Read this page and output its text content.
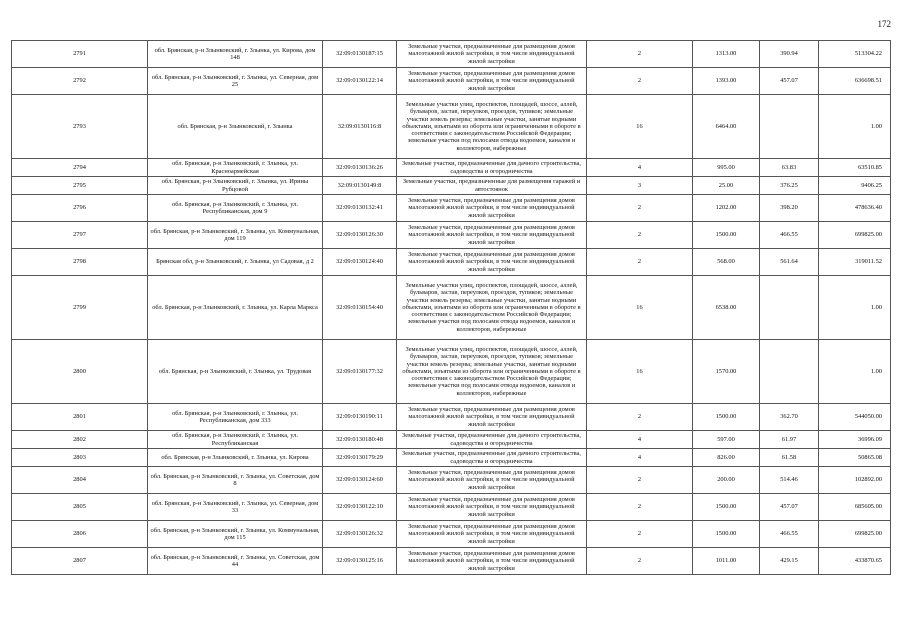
172
2791	обл. Брянская, р-н Злынковский, г. Злынка, ул. Кирова, дом 148	32:09:0130187:15	Земельные участки, предназначенные для размещения домов малоэтажной жилой застройки, в том числе индивидуальной жилой застройки	2	1313.00	390.94	513304.22
2792	обл. Брянская, р-н Злынковский, г. Злынка, ул. Северная, дом 25	32:09:0130122:14	Земельные участки, предназначенные для размещения домов малоэтажной жилой застройки, в том числе индивидуальной жилой застройки	2	1393.00	457.07	636698.51
2793	обл. Брянская, р-н Злынковский, г. Злынка	32:09:0130116:8	Земельные участки улиц, проспектов, площадей, шоссе, аллей, бульваров, застав, переулков, проездов, тупиков; земельные участки земель резерва; земельные участки, занятые водными объектами, изъятыми из оборота или ограниченными в обороте в соответствии с законодательством Российской Федерации; земельные участки под полосами отвода водоемов, каналов и коллекторов, набережные	16	6464.00		1.00
2794	обл. Брянская, р-н Злынковский, г. Злынка, ул. Красноармейская	32:09:0130136:26	Земельные участки, предназначенные для дачного строительства, садоводства и огородничества	4	995.00	63.83	63510.85
2795	обл. Брянская, р-н Злынковский, г. Злынка, ул. Ирины Рубцовой	32:09:0130149:8	Земельные участки, предназначенные для размещения гаражей и автостоянок	3	25.00	376.25	9406.25
2796	обл. Брянская, р-н Злынковский, г. Злынка, ул. Республиканская, дом 9	32:09:0130132:41	Земельные участки, предназначенные для размещения домов малоэтажной жилой застройки, в том числе индивидуальной жилой застройки	2	1202.00	398.20	478636.40
2797	обл. Брянская, р-н Злынковский, г. Злынка, ул. Коммунальная, дом 119	32:09:0130126:30	Земельные участки, предназначенные для размещения домов малоэтажной жилой застройки, в том числе индивидуальной жилой застройки	2	1500.00	466.55	699825.00
2798	Брянская обл, р-н Злынковский, г. Злынка, ул Садовая, д 2	32:09:0130124:40	Земельные участки, предназначенные для размещения домов малоэтажной жилой застройки, в том числе индивидуальной жилой застройки	2	568.00	561.64	319011.52
2799	обл. Брянская, р-н Злынковский, г. Злынка, ул. Карла Маркса	32:09:0130154:40	Земельные участки улиц, проспектов, площадей, шоссе, аллей, бульваров, застав, переулков, проездов, тупиков; земельные участки земель резерва; земельные участки, занятые водными объектами, изъятыми из оборота или ограниченными в обороте в соответствии с законодательством Российской Федерации; земельные участки под полосами отвода водоемов, каналов и коллекторов, набережные	16	6538.00		1.00
2800	обл. Брянская, р-н Злынковский, г. Злынка, ул. Трудовая	32:09:0130177:32	Земельные участки улиц, проспектов, площадей, шоссе, аллей, бульваров, застав, переулков, проездов, тупиков; земельные участки земель резерва; земельные участки, занятые водными объектами, изъятыми из оборота или ограниченными в обороте в соответствии с законодательством Российской Федерации; земельные участки под полосами отвода водоемов, каналов и коллекторов, набережные	16	1570.00		1.00
2801	обл. Брянская, р-н Злынковский, г. Злынка, ул. Республиканская, дом 333	32:09:0130190:11	Земельные участки, предназначенные для размещения домов малоэтажной жилой застройки, в том числе индивидуальной жилой застройки	2	1500.00	362.70	544050.00
2802	обл. Брянская, р-н Злынковский, г. Злынка, ул. Республиканская	32:09:0130180:48	Земельные участки, предназначенные для дачного строительства, садоводства и огородничества	4	597.00	61.97	36996.09
2803	обл. Брянская, р-н Злынковский, г. Злынка, ул. Кирова	32:09:0130179:29	Земельные участки, предназначенные для дачного строительства, садоводства и огородничества	4	826.00	61.58	50865.08
2804	обл. Брянская, р-н Злынковский, г. Злынка, ул. Советская, дом 8	32:09:0130124:60	Земельные участки, предназначенные для размещения домов малоэтажной жилой застройки, в том числе индивидуальной жилой застройки	2	200.00	514.46	102892.00
2805	обл. Брянская, р-н Злынковский, г. Злынка, ул. Северная, дом 33	32:09:0130122:10	Земельные участки, предназначенные для размещения домов малоэтажной жилой застройки, в том числе индивидуальной жилой застройки	2	1500.00	457.07	685605.00
2806	обл. Брянская, р-н Злынковский, г. Злынка, ул. Коммунальная, дом 115	32:09:0130126:32	Земельные участки, предназначенные для размещения домов малоэтажной жилой застройки, в том числе индивидуальной жилой застройки	2	1500.00	466.55	699825.00
2807	обл. Брянская, р-н Злынковский, г. Злынка, ул. Советская, дом 44	32:09:0130125:16	Земельные участки, предназначенные для размещения домов малоэтажной жилой застройки, в том числе индивидуальной жилой застройки	2	1011.00	429.15	433870.65
